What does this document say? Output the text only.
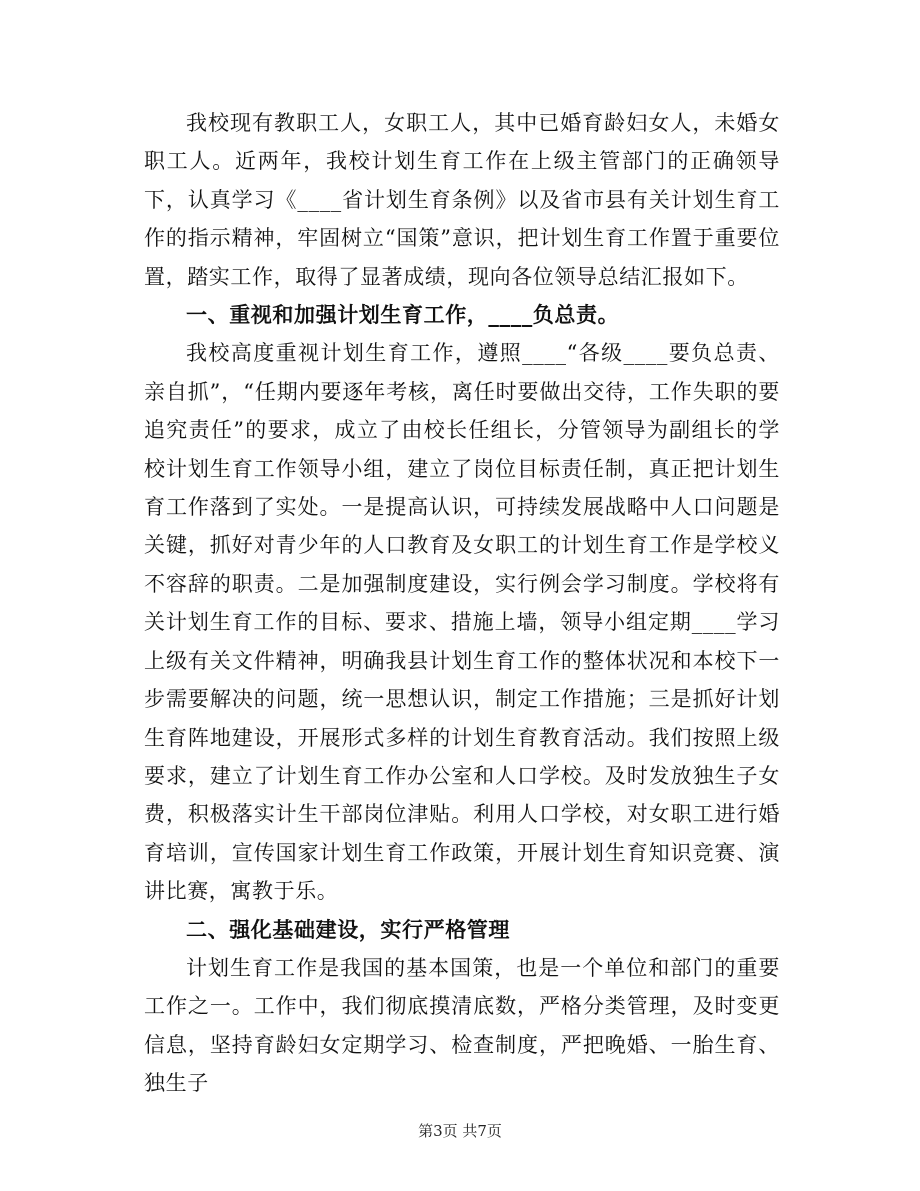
我校现有教职工人，女职工人，其中已婚育龄妇女人，未婚女职工人。近两年，我校计划生育工作在上级主管部门的正确领导下，认真学习《____省计划生育条例》以及省市县有关计划生育工作的指示精神，牢固树立“国策”意识，把计划生育工作置于重要位置，踏实工作，取得了显著成绩，现向各位领导总结汇报如下。

一、重视和加强计划生育工作，____负总责。

我校高度重视计划生育工作，遵照____“各级____要负总责、亲自抓”，“任期内要逐年考核，离任时要做出交待，工作失职的要追究责任”的要求，成立了由校长任组长，分管领导为副组长的学校计划生育工作领导小组，建立了岗位目标责任制，真正把计划生育工作落到了实处。一是提高认识，可持续发展战略中人口问题是关键，抓好对青少年的人口教育及女职工的计划生育工作是学校义不容辞的职责。二是加强制度建设，实行例会学习制度。学校将有关计划生育工作的目标、要求、措施上墙，领导小组定期____学习上级有关文件精神，明确我县计划生育工作的整体状况和本校下一步需要解决的问题，统一思想认识，制定工作措施；三是抓好计划生育阵地建设，开展形式多样的计划生育教育活动。我们按照上级要求，建立了计划生育工作办公室和人口学校。及时发放独生子女费，积极落实计生干部岗位津贴。利用人口学校，对女职工进行婚育培训，宣传国家计划生育工作政策，开展计划生育知识竞赛、演讲比赛，寓教于乐。

二、强化基础建设，实行严格管理

计划生育工作是我国的基本国策，也是一个单位和部门的重要工作之一。工作中，我们彻底摸清底数，严格分类管理，及时变更信息，坚持育龄妇女定期学习、检查制度，严把晚婚、一胎生育、独生子

第3页 共7页
